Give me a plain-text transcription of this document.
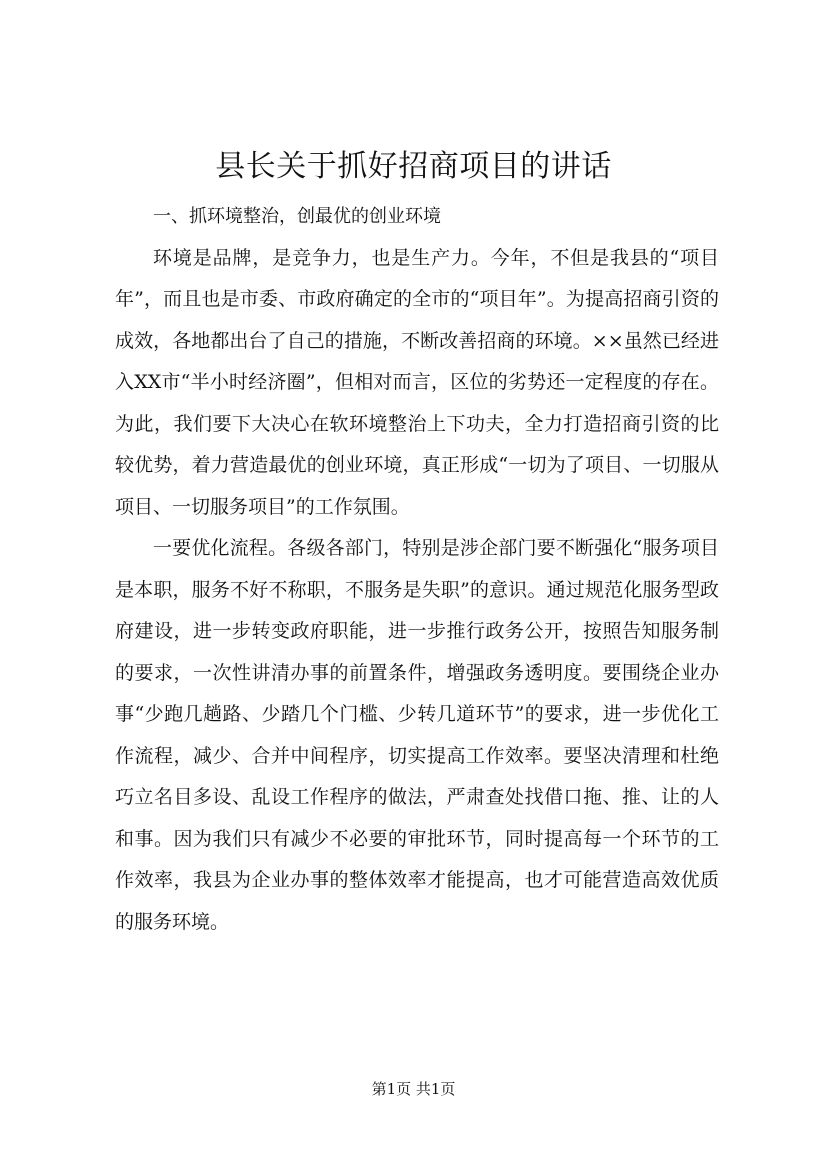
县长关于抓好招商项目的讲话

一、抓环境整治，创最优的创业环境

环境是品牌，是竞争力，也是生产力。今年，不但是我县的“项目年”，而且也是市委、市政府确定的全市的“项目年”。为提高招商引资的成效，各地都出台了自己的措施，不断改善招商的环境。××虽然已经进入XX市“半小时经济圈”，但相对而言，区位的劣势还一定程度的存在。为此，我们要下大决心在软环境整治上下功夫，全力打造招商引资的比较优势，着力营造最优的创业环境，真正形成“一切为了项目、一切服从项目、一切服务项目”的工作氛围。

一要优化流程。各级各部门，特别是涉企部门要不断强化“服务项目是本职，服务不好不称职，不服务是失职”的意识。通过规范化服务型政府建设，进一步转变政府职能，进一步推行政务公开，按照告知服务制的要求，一次性讲清办事的前置条件，增强政务透明度。要围绕企业办事“少跑几趟路、少踏几个门槛、少转几道环节”的要求，进一步优化工作流程，减少、合并中间程序，切实提高工作效率。要坚决清理和杜绝巧立名目多设、乱设工作程序的做法，严肃查处找借口拖、推、让的人和事。因为我们只有减少不必要的审批环节，同时提高每一个环节的工作效率，我县为企业办事的整体效率才能提高，也才可能营造高效优质的服务环境。

第1页 共1页
